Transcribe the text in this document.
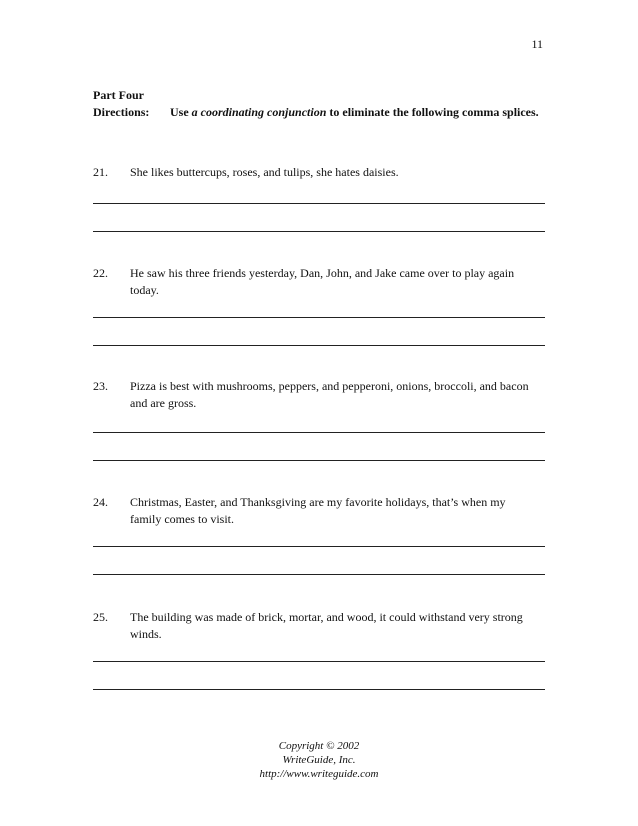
11
Part Four
Directions: Use a coordinating conjunction to eliminate the following comma splices.
21. She likes buttercups, roses, and tulips, she hates daisies.
22. He saw his three friends yesterday, Dan, John, and Jake came over to play again today.
23. Pizza is best with mushrooms, peppers, and pepperoni, onions, broccoli, and bacon and are gross.
24. Christmas, Easter, and Thanksgiving are my favorite holidays, that’s when my family comes to visit.
25. The building was made of brick, mortar, and wood, it could withstand very strong winds.
Copyright © 2002
WriteGuide, Inc.
http://www.writeguide.com
